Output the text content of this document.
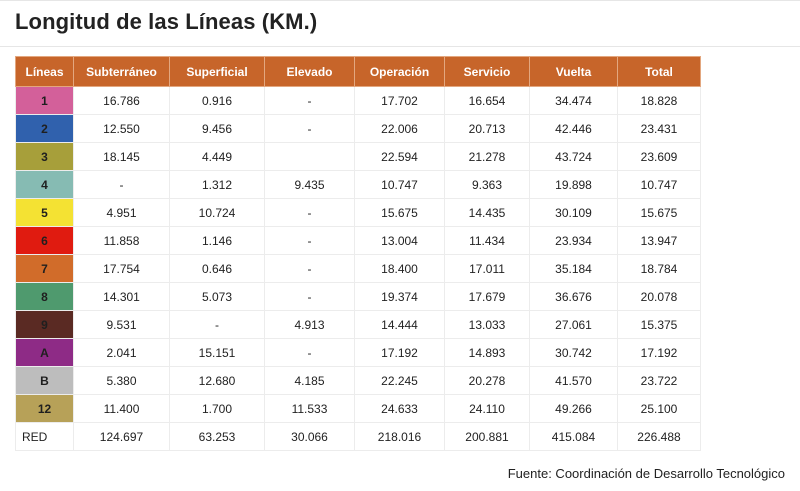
Longitud de las Líneas (KM.)
Líneas	Subterráneo	Superficial	Elevado	Operación	Servicio	Vuelta	Total
1	16.786	0.916	-	17.702	16.654	34.474	18.828
2	12.550	9.456	-	22.006	20.713	42.446	23.431
3	18.145	4.449		22.594	21.278	43.724	23.609
4	-	1.312	9.435	10.747	9.363	19.898	10.747
5	4.951	10.724	-	15.675	14.435	30.109	15.675
6	11.858	1.146	-	13.004	11.434	23.934	13.947
7	17.754	0.646	-	18.400	17.011	35.184	18.784
8	14.301	5.073	-	19.374	17.679	36.676	20.078
9	9.531	-	4.913	14.444	13.033	27.061	15.375
A	2.041	15.151	-	17.192	14.893	30.742	17.192
B	5.380	12.680	4.185	22.245	20.278	41.570	23.722
12	11.400	1.700	11.533	24.633	24.110	49.266	25.100
RED	124.697	63.253	30.066	218.016	200.881	415.084	226.488
Fuente: Coordinación de Desarrollo Tecnológico
